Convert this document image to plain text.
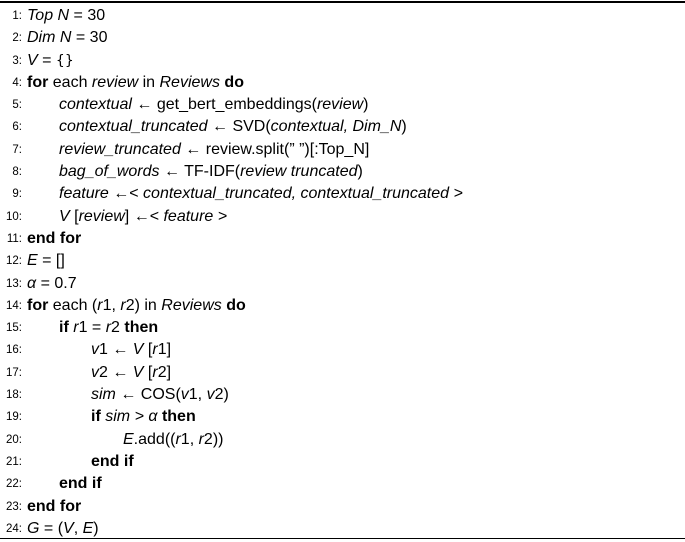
1: Top N = 30
2: Dim N = 30
3: V = {}
4: for each review in Reviews do
5: contextual ← get_bert_embeddings(review)
6: contextual_truncated ← SVD(contextual, Dim_N)
7: review_truncated ← review.split(” ”)[:Top_N]
8: bag_of_words ← TF-IDF(review truncated)
9: feature ←< contextual_truncated, contextual_truncated >
10: V [review] ←< feature >
11: end for
12: E = []
13: α = 0.7
14: for each (r1, r2) in Reviews do
15: if r1 = r2 then
16:	v1 ← V [r1]
17:	v2 ← V [r2]
18:	sim ← COS(v1, v2)
19:	if sim > α then
20:	E.add((r1, r2))
21:	end if
22: end if
23: end for
24: G = (V, E)
